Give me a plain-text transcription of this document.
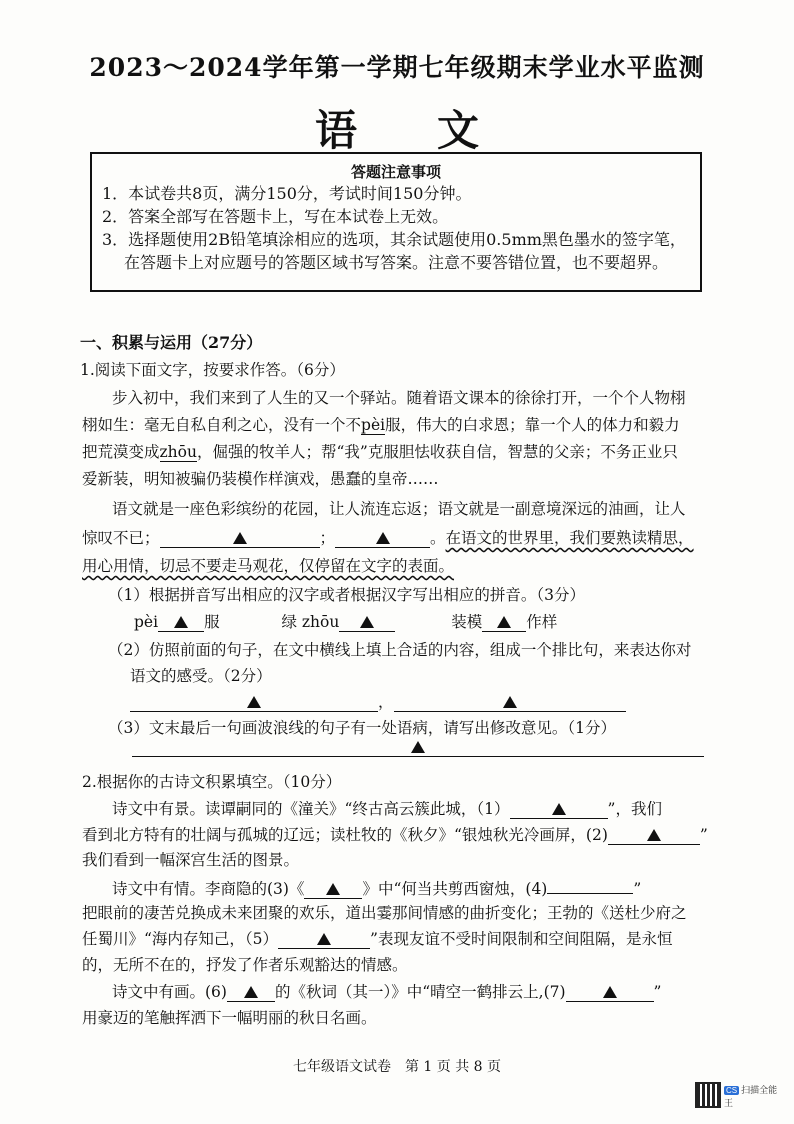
2023～2024学年第一学期七年级期末学业水平监测
语文
答题注意事项
1．本试卷共8页，满分150分，考试时间150分钟。
2．答案全部写在答题卡上，写在本试卷上无效。
3．选择题使用2B铅笔填涂相应的选项，其余试题使用0.5mm黑色墨水的签字笔，
在答题卡上对应题号的答题区域书写答案。注意不要答错位置，也不要超界。
一、积累与运用（27分）
1.阅读下面文字，按要求作答。（6分）
步入初中，我们来到了人生的又一个驿站。随着语文课本的徐徐打开，一个个人物栩
栩如生：毫无自私自利之心，没有一个不pèi服，伟大的白求恩；靠一个人的体力和毅力
把荒漠变成zhōu，倔强的牧羊人；帮“我”克服胆怯收获自信，智慧的父亲；不务正业只
爱新装，明知被骗仍装模作样演戏，愚蠢的皇帝……
语文就是一座色彩缤纷的花园，让人流连忘返；语文就是一副意境深远的油画，让人
惊叹不已；	；	。在语文的世界里，我们要熟读精思，
用心用情，切忌不要走马观花，仅停留在文字的表面。
（1）根据拼音写出相应的汉字或者根据汉字写出相应的拼音。（3分）
pèi	服	绿 zhōu	装模	作样
（2）仿照前面的句子，在文中横线上填上合适的内容，组成一个排比句，来表达你对
语文的感受。（2分）
，
（3）文末最后一句画波浪线的句子有一处语病，请写出修改意见。（1分）
2.根据你的古诗文积累填空。（10分）
诗文中有景。读谭嗣同的《潼关》“终古高云簇此城，（1）	”，我们
看到北方特有的壮阔与孤城的辽远；读杜牧的《秋夕》“银烛秋光冷画屏，(2)	”
我们看到一幅深宫生活的图景。
诗文中有情。李商隐的(3)《	》中“何当共剪西窗烛，(4)	”
把眼前的凄苦兑换成未来团聚的欢乐，道出霎那间情感的曲折变化；王勃的《送杜少府之
任蜀川》“海内存知己，（5）	”表现友谊不受时间限制和空间阻隔，是永恒
的，无所不在的，抒发了作者乐观豁达的情感。
诗文中有画。(6)	的《秋词（其一）》中“晴空一鹤排云上,(7)	”
用豪迈的笔触挥洒下一幅明丽的秋日名画。
七年级语文试卷　第 1 页 共 8 页
CS 扫描全能王
